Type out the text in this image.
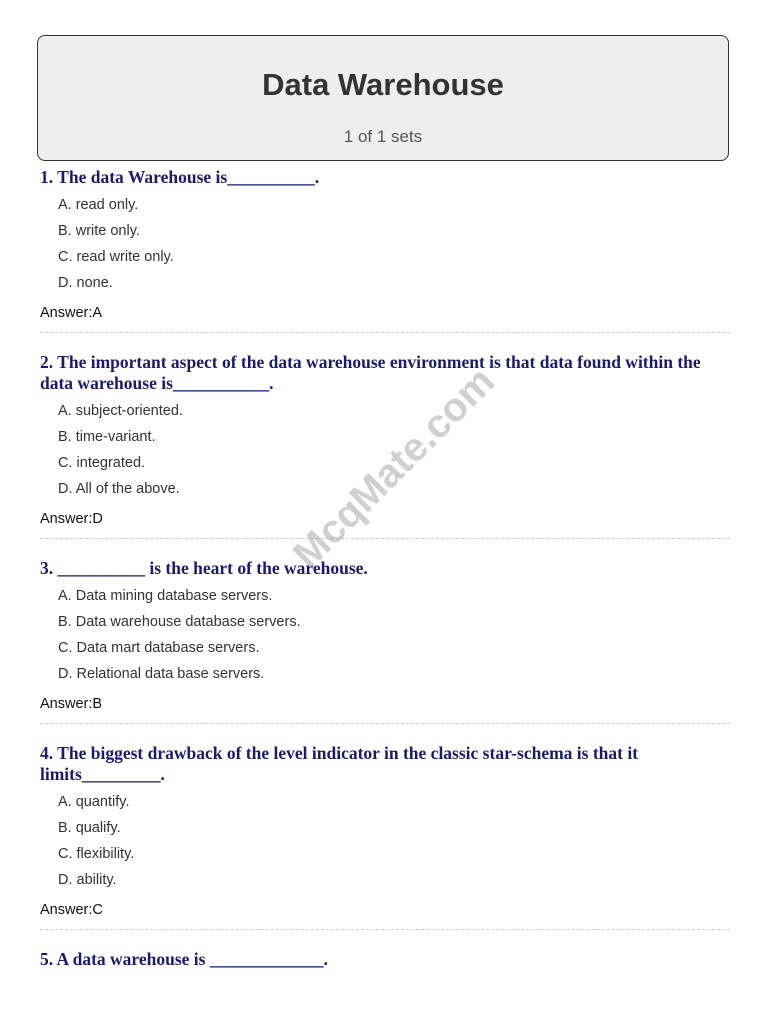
Data Warehouse
1 of 1 sets
1. The data Warehouse is__________.
A. read only.
B. write only.
C. read write only.
D. none.
Answer:A
2. The important aspect of the data warehouse environment is that data found within the data warehouse is___________.
A. subject-oriented.
B. time-variant.
C. integrated.
D. All of the above.
Answer:D
3. __________ is the heart of the warehouse.
A. Data mining database servers.
B. Data warehouse database servers.
C. Data mart database servers.
D. Relational data base servers.
Answer:B
4. The biggest drawback of the level indicator in the classic star-schema is that it limits_________.
A. quantify.
B. qualify.
C. flexibility.
D. ability.
Answer:C
5. A data warehouse is _____________.
McqMate.com
